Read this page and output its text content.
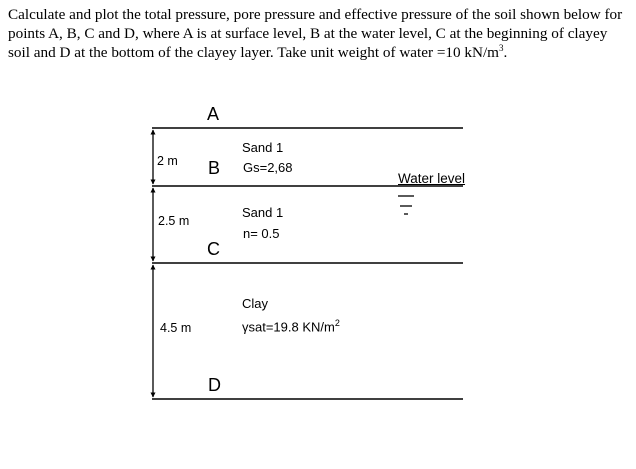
Calculate and plot the total pressure, pore pressure and effective pressure of the soil shown below for points A, B, C and D, where A is at surface level, B at the water level, C at the beginning of clayey soil and D at the bottom of the clayey layer. Take unit weight of water =10 $kN/m^3$.

A
B
C
D
2 m
2.5 m
4.5 m
Sand 1
Gs=2,68
Sand 1
n= 0.5
Clay
γsat=19.8 $KN/m^2$
Water level
